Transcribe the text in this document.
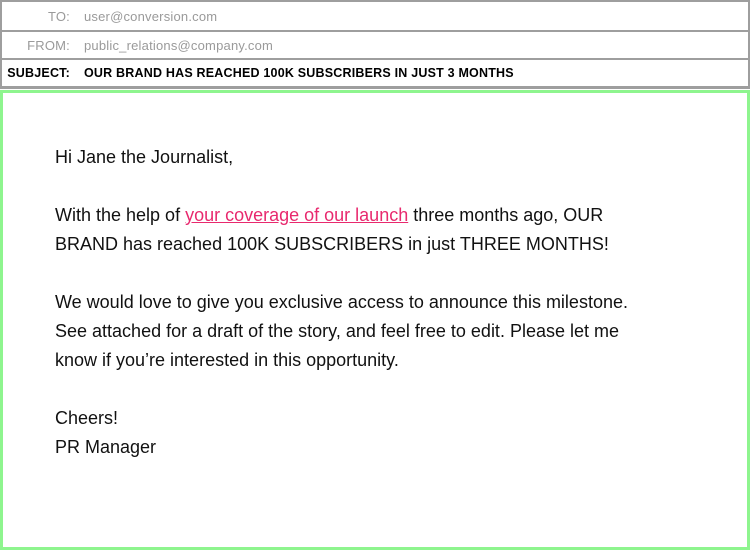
TO: user@conversion.com
FROM: public_relations@company.com
SUBJECT: OUR BRAND HAS REACHED 100K SUBSCRIBERS IN JUST 3 MONTHS

Hi Jane the Journalist,

With the help of your coverage of our launch three months ago, OUR
BRAND has reached 100K SUBSCRIBERS in just THREE MONTHS!

We would love to give you exclusive access to announce this milestone.
See attached for a draft of the story, and feel free to edit. Please let me
know if you’re interested in this opportunity.

Cheers!

PR Manager
